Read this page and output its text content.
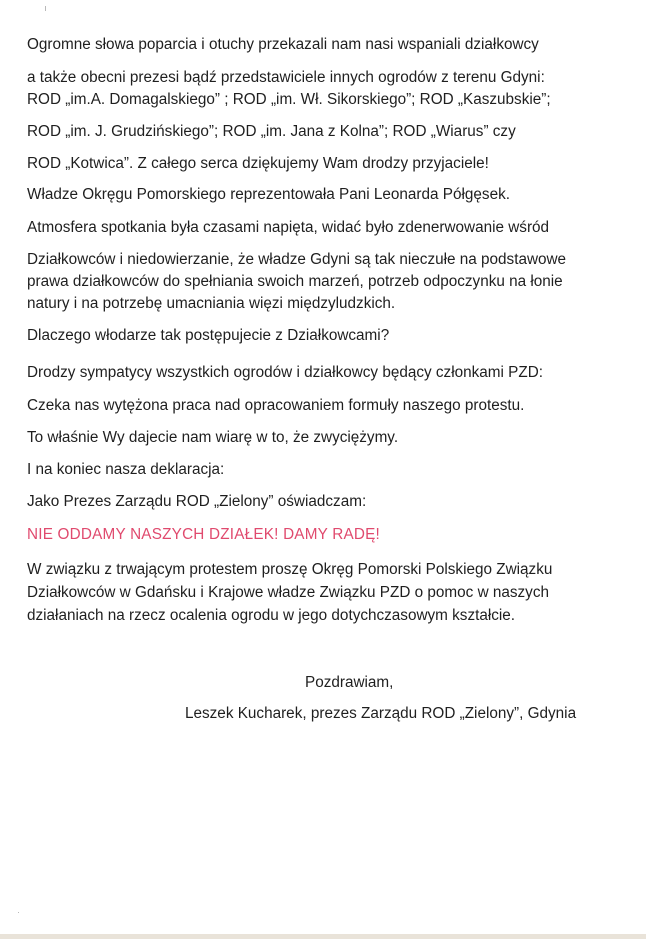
Ogromne słowa poparcia i otuchy przekazali nam nasi wspaniali działkowcy
a także obecni prezesi bądź przedstawiciele innych ogrodów z terenu Gdyni:
ROD „im.A. Domagalskiego” ; ROD „im. Wł. Sikorskiego”; ROD „Kaszubskie”;
ROD „im. J. Grudzińskiego”; ROD „im. Jana z Kolna”; ROD „Wiarus” czy
ROD „Kotwica”. Z całego serca dziękujemy Wam drodzy przyjaciele!
Władze Okręgu Pomorskiego reprezentowała Pani Leonarda Półgęsek.
Atmosfera spotkania była czasami napięta, widać było zdenerwowanie wśród
Działkowców i niedowierzanie, że władze Gdyni są tak nieczułe na podstawowe
prawa działkowców do spełniania swoich marzeń, potrzeb odpoczynku na łonie
natury i na potrzebę umacniania więzi międzyludzkich.
Dlaczego włodarze tak postępujecie z Działkowcami?
Drodzy sympatycy wszystkich ogrodów i działkowcy będący członkami PZD:
Czeka nas wytężona praca nad opracowaniem formuły naszego protestu.
To właśnie Wy dajecie nam wiarę w to, że zwyciężymy.
I na koniec nasza deklaracja:
Jako Prezes Zarządu ROD „Zielony” oświadczam:
NIE ODDAMY NASZYCH DZIAŁEK! DAMY RADĘ!
W związku z trwającym protestem proszę Okręg Pomorski Polskiego Związku
Działkowców w Gdańsku i Krajowe władze Związku PZD o pomoc w naszych
działaniach na rzecz ocalenia ogrodu w jego dotychczasowym kształcie.
Pozdrawiam,
Leszek Kucharek, prezes Zarządu ROD „Zielony”, Gdynia
